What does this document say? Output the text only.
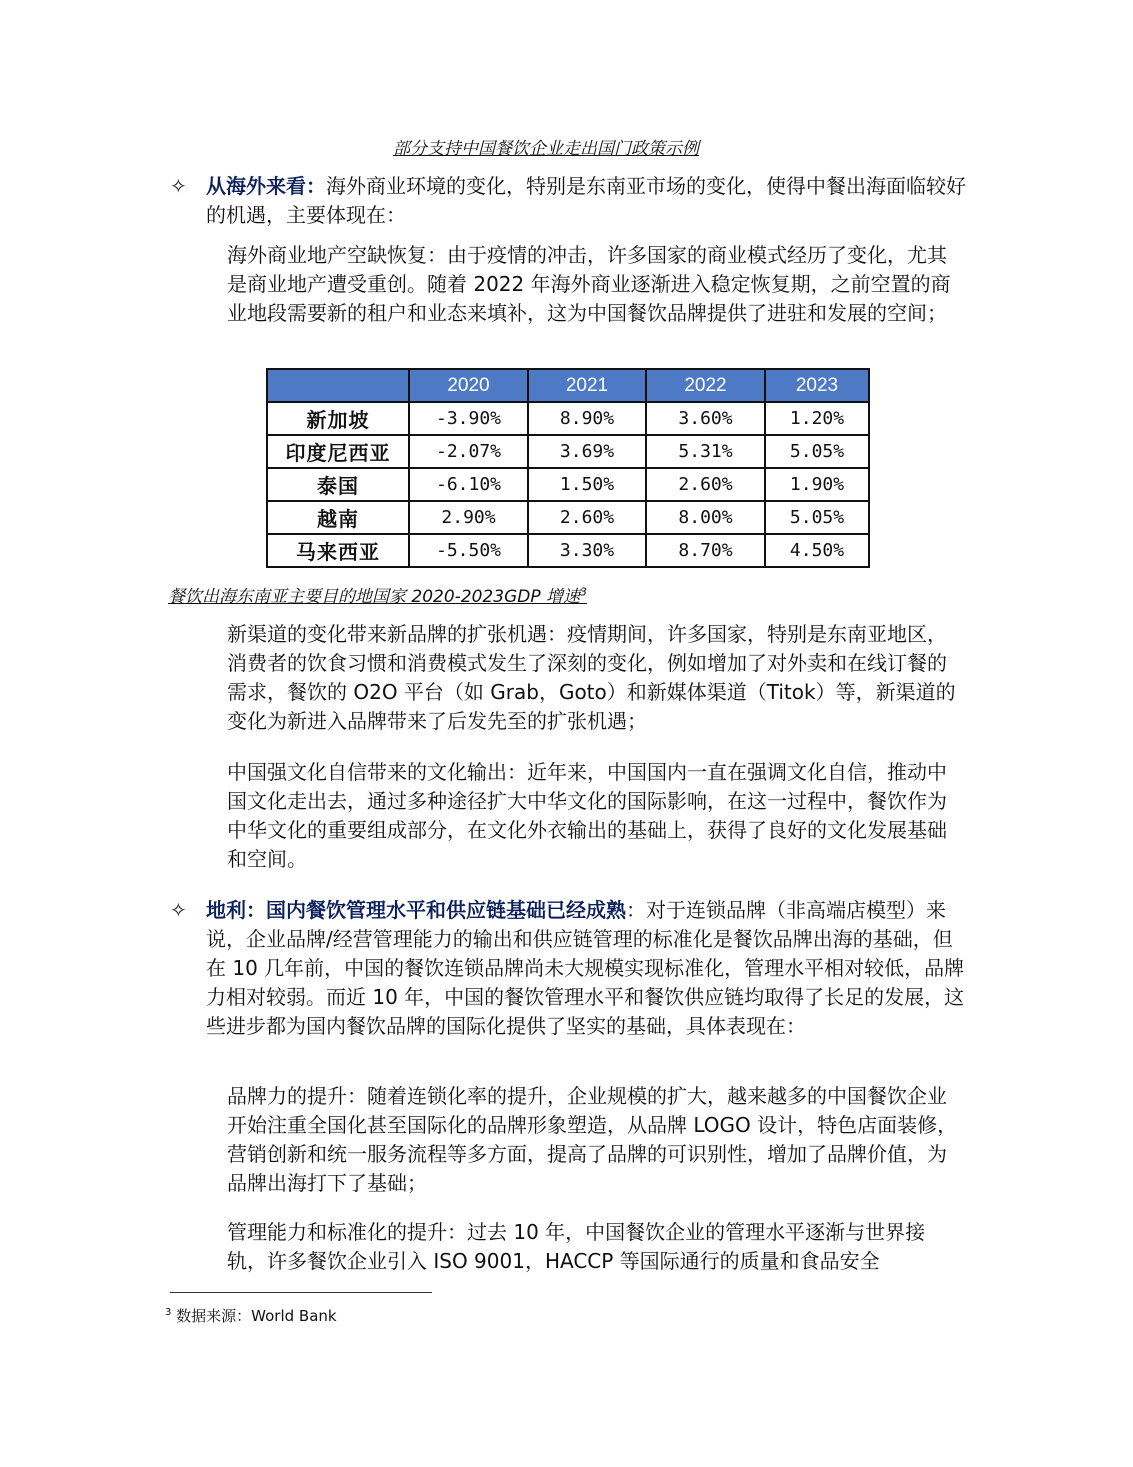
部分支持中国餐饮企业走出国门政策示例
✧ 从海外来看：海外商业环境的变化，特别是东南亚市场的变化，使得中餐出海面临较好的机遇，主要体现在：
海外商业地产空缺恢复：由于疫情的冲击，许多国家的商业模式经历了变化，尤其是商业地产遭受重创。随着 2022 年海外商业逐渐进入稳定恢复期，之前空置的商业地段需要新的租户和业态来填补，这为中国餐饮品牌提供了进驻和发展的空间；
	2020	2021	2022	2023
新加坡	-3.90%	8.90%	3.60%	1.20%
印度尼西亚	-2.07%	3.69%	5.31%	5.05%
泰国	-6.10%	1.50%	2.60%	1.90%
越南	2.90%	2.60%	8.00%	5.05%
马来西亚	-5.50%	3.30%	8.70%	4.50%
餐饮出海东南亚主要目的地国家 2020-2023GDP 增速$^3$
新渠道的变化带来新品牌的扩张机遇：疫情期间，许多国家，特别是东南亚地区，消费者的饮食习惯和消费模式发生了深刻的变化，例如增加了对外卖和在线订餐的需求，餐饮的 O2O 平台（如 Grab，Goto）和新媒体渠道（Titok）等，新渠道的变化为新进入品牌带来了后发先至的扩张机遇；
中国强文化自信带来的文化输出：近年来，中国国内一直在强调文化自信，推动中国文化走出去，通过多种途径扩大中华文化的国际影响，在这一过程中，餐饮作为中华文化的重要组成部分，在文化外衣输出的基础上，获得了良好的文化发展基础和空间。
✧ 地利：国内餐饮管理水平和供应链基础已经成熟：对于连锁品牌（非高端店模型）来说，企业品牌/经营管理能力的输出和供应链管理的标准化是餐饮品牌出海的基础，但在 10 几年前，中国的餐饮连锁品牌尚未大规模实现标准化，管理水平相对较低，品牌力相对较弱。而近 10 年，中国的餐饮管理水平和餐饮供应链均取得了长足的发展，这些进步都为国内餐饮品牌的国际化提供了坚实的基础，具体表现在：
品牌力的提升：随着连锁化率的提升，企业规模的扩大，越来越多的中国餐饮企业开始注重全国化甚至国际化的品牌形象塑造，从品牌 LOGO 设计，特色店面装修，营销创新和统一服务流程等多方面，提高了品牌的可识别性，增加了品牌价值，为品牌出海打下了基础；
管理能力和标准化的提升：过去 10 年，中国餐饮企业的管理水平逐渐与世界接轨，许多餐饮企业引入 ISO 9001，HACCP 等国际通行的质量和食品安全
$^3$ 数据来源：World Bank
